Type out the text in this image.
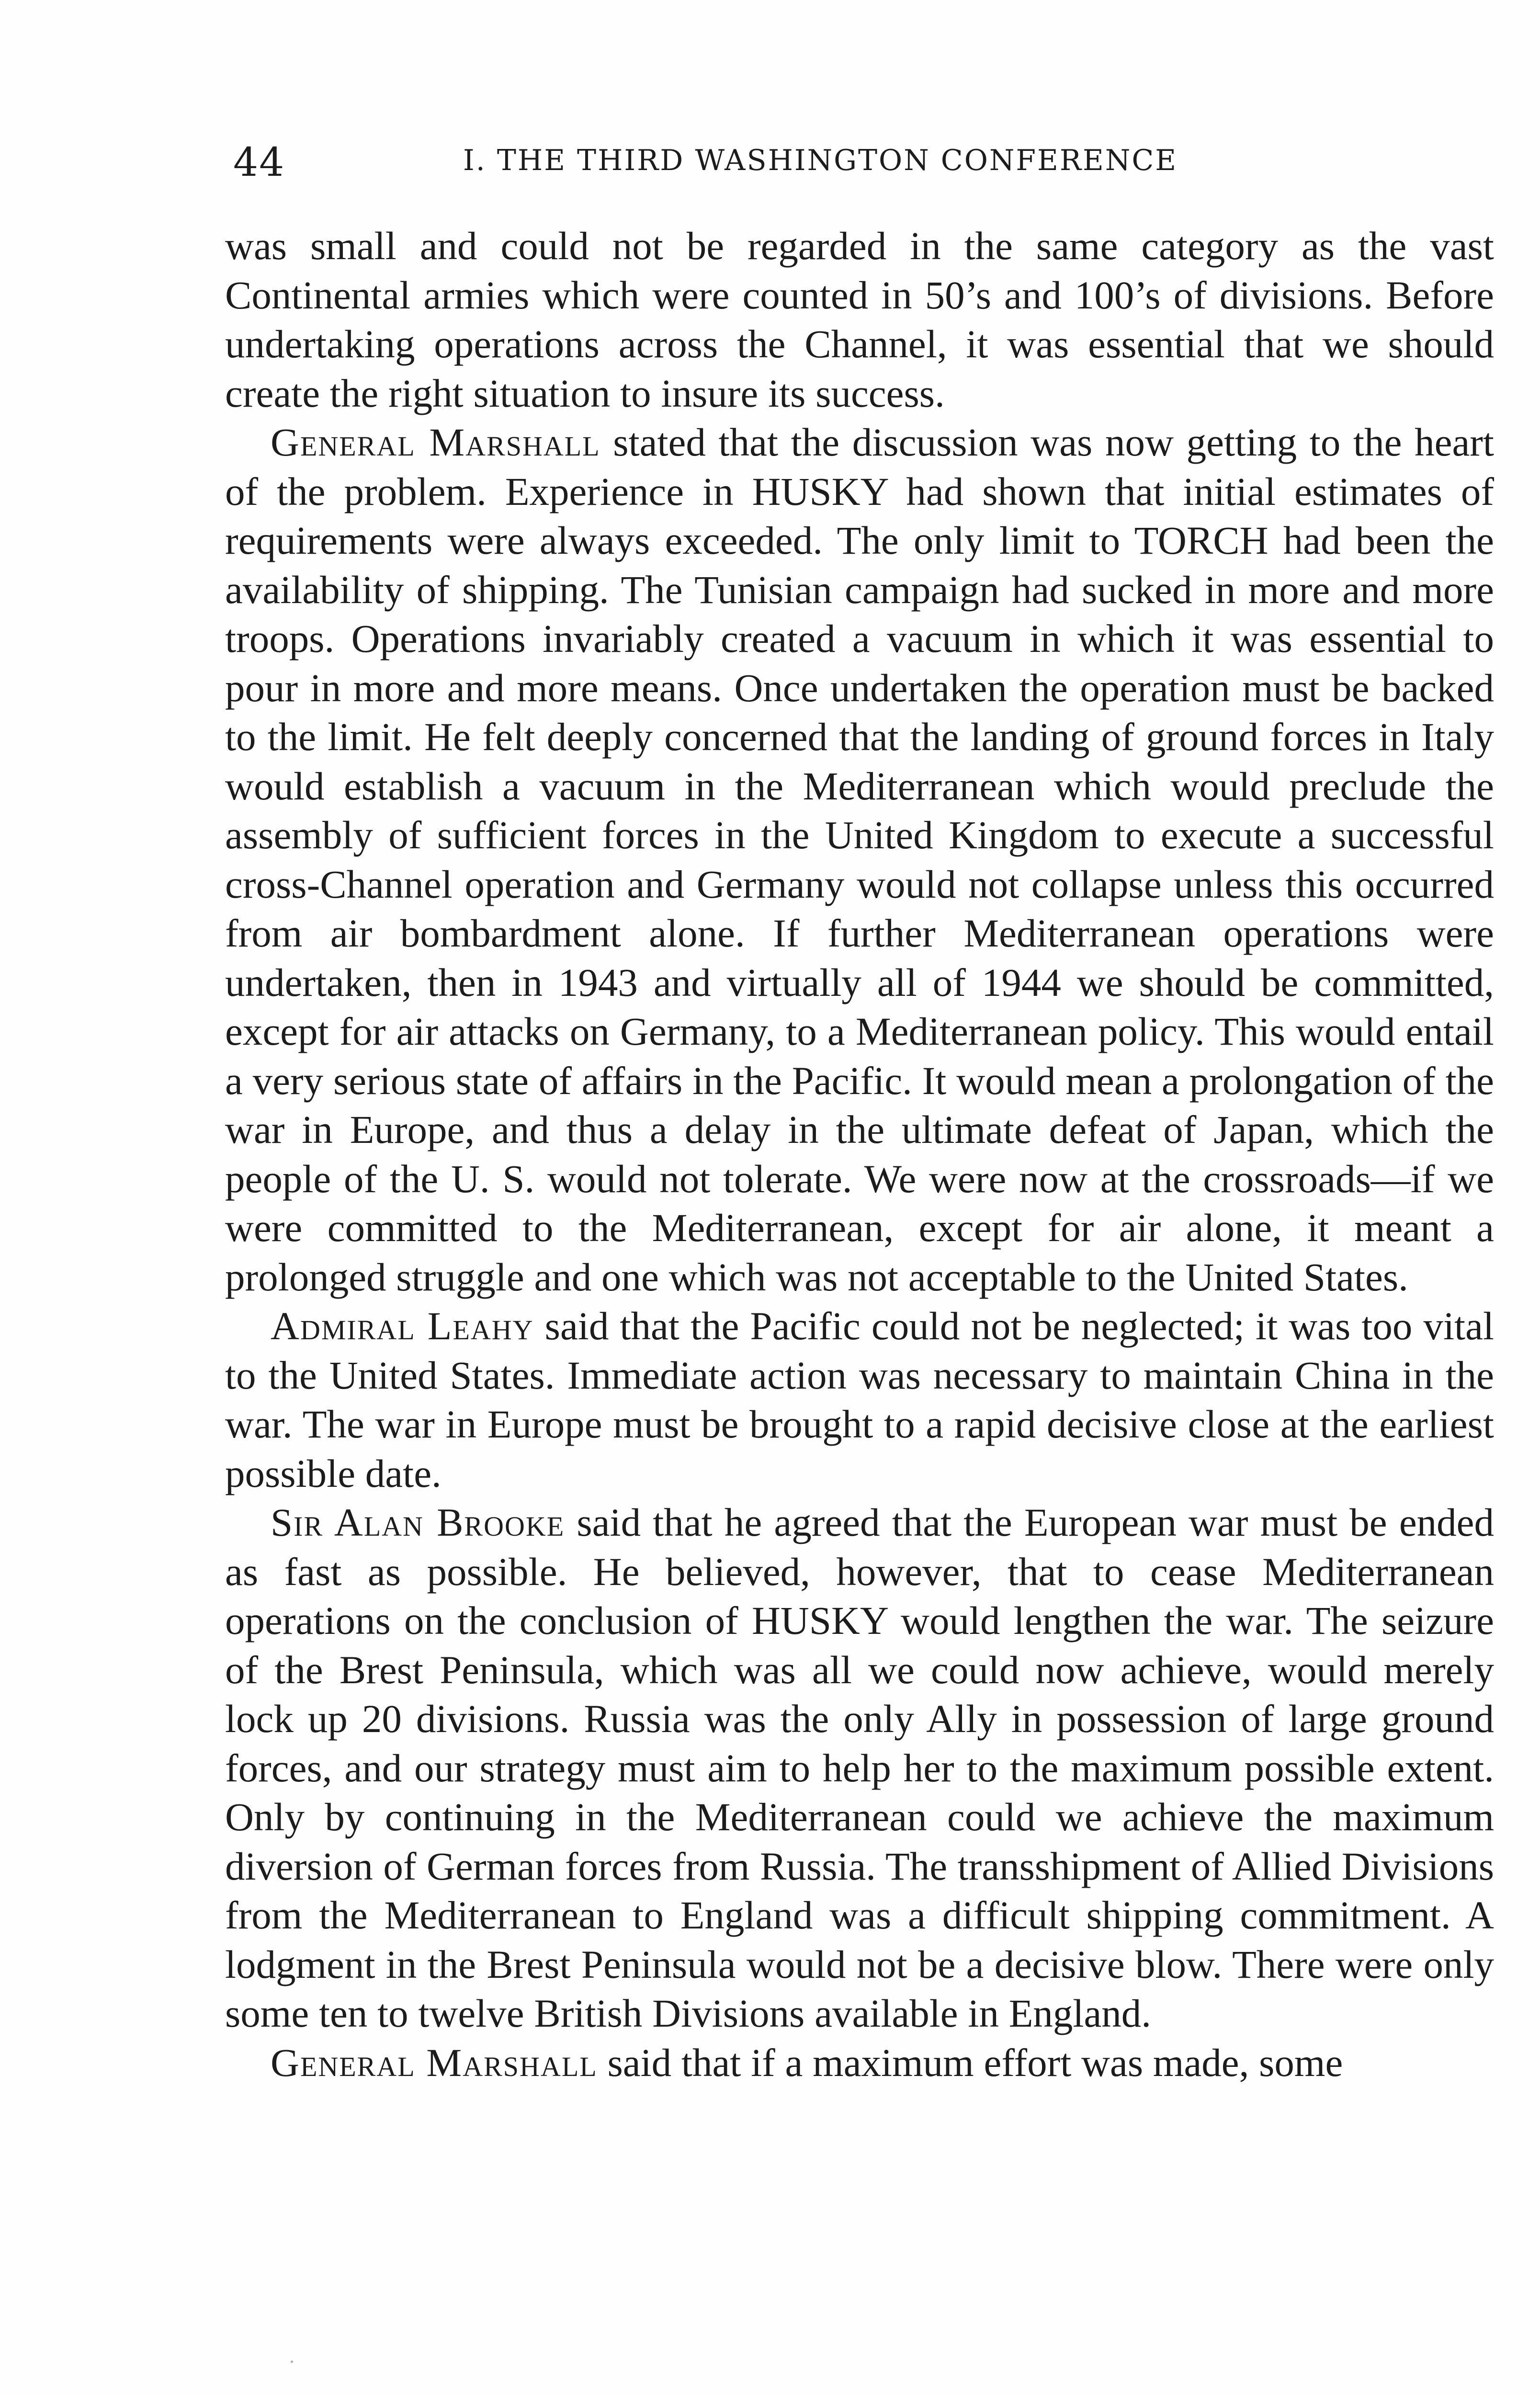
44	I. THE THIRD WASHINGTON CONFERENCE

was small and could not be regarded in the same category as the vast Continental armies which were counted in 50’s and 100’s of divisions. Before undertaking operations across the Channel, it was essential that we should create the right situation to insure its success.

General Marshall stated that the discussion was now getting to the heart of the problem. Experience in HUSKY had shown that initial estimates of requirements were always exceeded. The only limit to TORCH had been the availability of shipping. The Tunisian campaign had sucked in more and more troops. Operations invariably created a vacuum in which it was essential to pour in more and more means. Once undertaken the operation must be backed to the limit. He felt deeply concerned that the landing of ground forces in Italy would establish a vacuum in the Mediterranean which would preclude the assembly of sufficient forces in the United Kingdom to execute a successful cross-Channel operation and Germany would not collapse unless this occurred from air bombardment alone. If further Mediterranean operations were undertaken, then in 1943 and virtually all of 1944 we should be committed, except for air attacks on Germany, to a Mediterranean policy. This would entail a very serious state of affairs in the Pacific. It would mean a prolongation of the war in Europe, and thus a delay in the ultimate defeat of Japan, which the people of the U. S. would not tolerate. We were now at the crossroads—if we were committed to the Mediterranean, except for air alone, it meant a prolonged struggle and one which was not acceptable to the United States.

Admiral Leahy said that the Pacific could not be neglected; it was too vital to the United States. Immediate action was necessary to maintain China in the war. The war in Europe must be brought to a rapid decisive close at the earliest possible date.

Sir Alan Brooke said that he agreed that the European war must be ended as fast as possible. He believed, however, that to cease Mediterranean operations on the conclusion of HUSKY would lengthen the war. The seizure of the Brest Peninsula, which was all we could now achieve, would merely lock up 20 divisions. Russia was the only Ally in possession of large ground forces, and our strategy must aim to help her to the maximum possible extent. Only by continuing in the Mediterranean could we achieve the maximum diversion of German forces from Russia. The transshipment of Allied Divisions from the Mediterranean to England was a difficult shipping commitment. A lodgment in the Brest Peninsula would not be a decisive blow. There were only some ten to twelve British Divisions available in England.

General Marshall said that if a maximum effort was made, some
